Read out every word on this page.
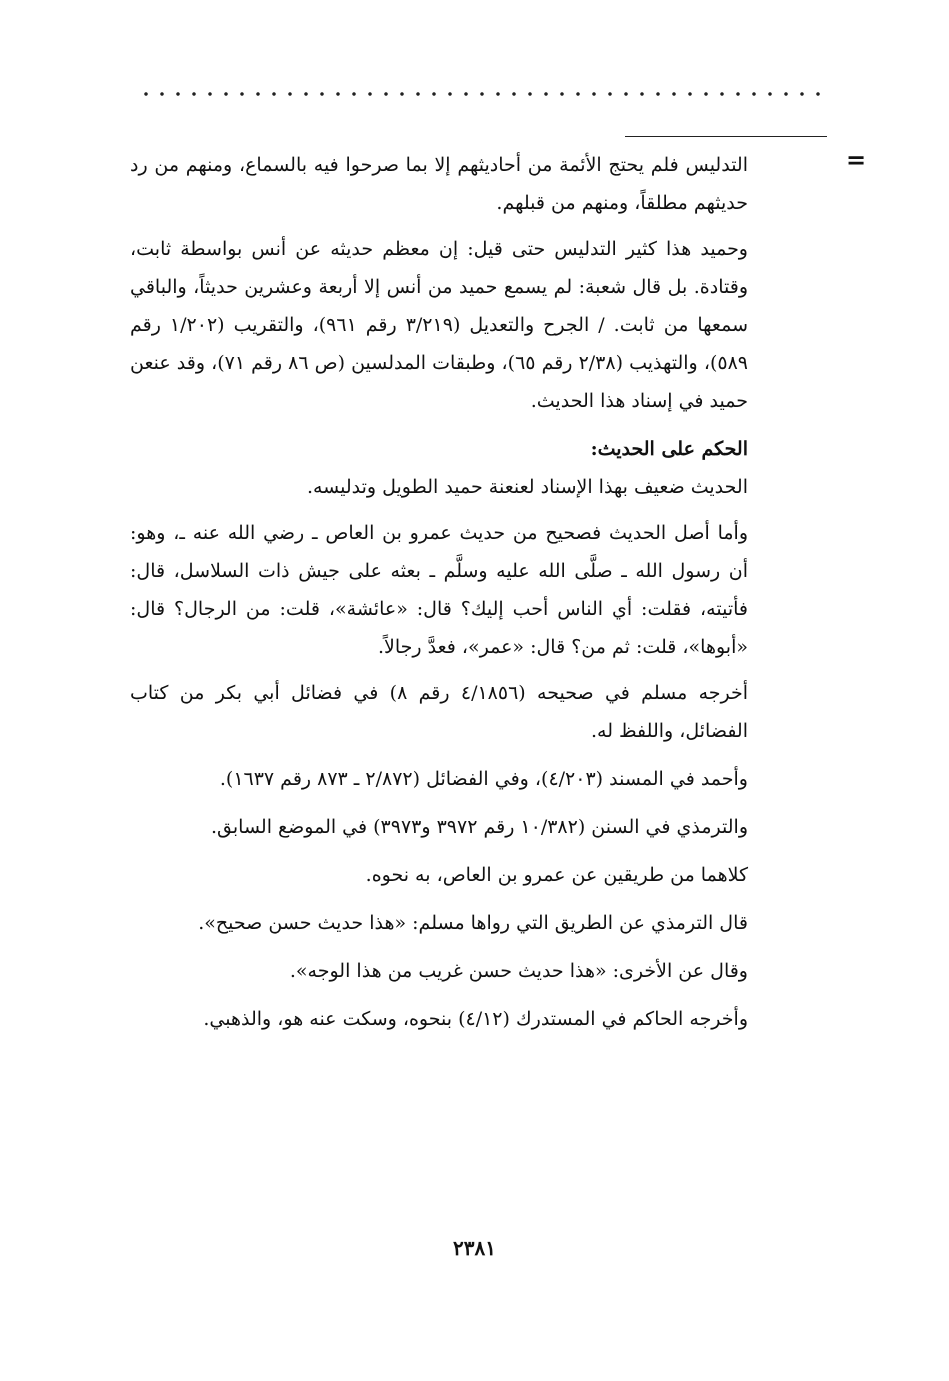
=

التدليس فلم يحتج الأئمة من أحاديثهم إلا بما صرحوا فيه بالسماع، ومنهم من رد حديثهم مطلقاً، ومنهم من قبلهم.

وحميد هذا كثير التدليس حتى قيل: إن معظم حديثه عن أنس بواسطة ثابت، وقتادة. بل قال شعبة: لم يسمع حميد من أنس إلا أربعة وعشرين حديثاً، والباقي سمعها من ثابت. / الجرح والتعديل (٣/٢١٩ رقم ٩٦١)، والتقريب (١/٢٠٢ رقم ٥٨٩)، والتهذيب (٢/٣٨ رقم ٦٥)، وطبقات المدلسين (ص ٨٦ رقم ٧١)، وقد عنعن حميد في إسناد هذا الحديث.

الحكم على الحديث:

الحديث ضعيف بهذا الإسناد لعنعنة حميد الطويل وتدليسه.

وأما أصل الحديث فصحيح من حديث عمرو بن العاص ـ رضي الله عنه ـ، وهو: أن رسول الله ـ صلَّى الله عليه وسلَّم ـ بعثه على جيش ذات السلاسل، قال: فأتيته، فقلت: أي الناس أحب إليك؟ قال: «عائشة»، قلت: من الرجال؟ قال: «أبوها»، قلت: ثم من؟ قال: «عمر»، فعدَّ رجالاً.

أخرجه مسلم في صحيحه (٤/١٨٥٦ رقم ٨) في فضائل أبي بكر من كتاب الفضائل، واللفظ له.

وأحمد في المسند (٤/٢٠٣)، وفي الفضائل (٢/٨٧٢ ـ ٨٧٣ رقم ١٦٣٧).

والترمذي في السنن (١٠/٣٨٢ رقم ٣٩٧٢ و٣٩٧٣) في الموضع السابق.

كلاهما من طريقين عن عمرو بن العاص، به نحوه.

قال الترمذي عن الطريق التي رواها مسلم: «هذا حديث حسن صحيح».

وقال عن الأخرى: «هذا حديث حسن غريب من هذا الوجه».

وأخرجه الحاكم في المستدرك (٤/١٢) بنحوه، وسكت عنه هو، والذهبي.

٢٣٨١
